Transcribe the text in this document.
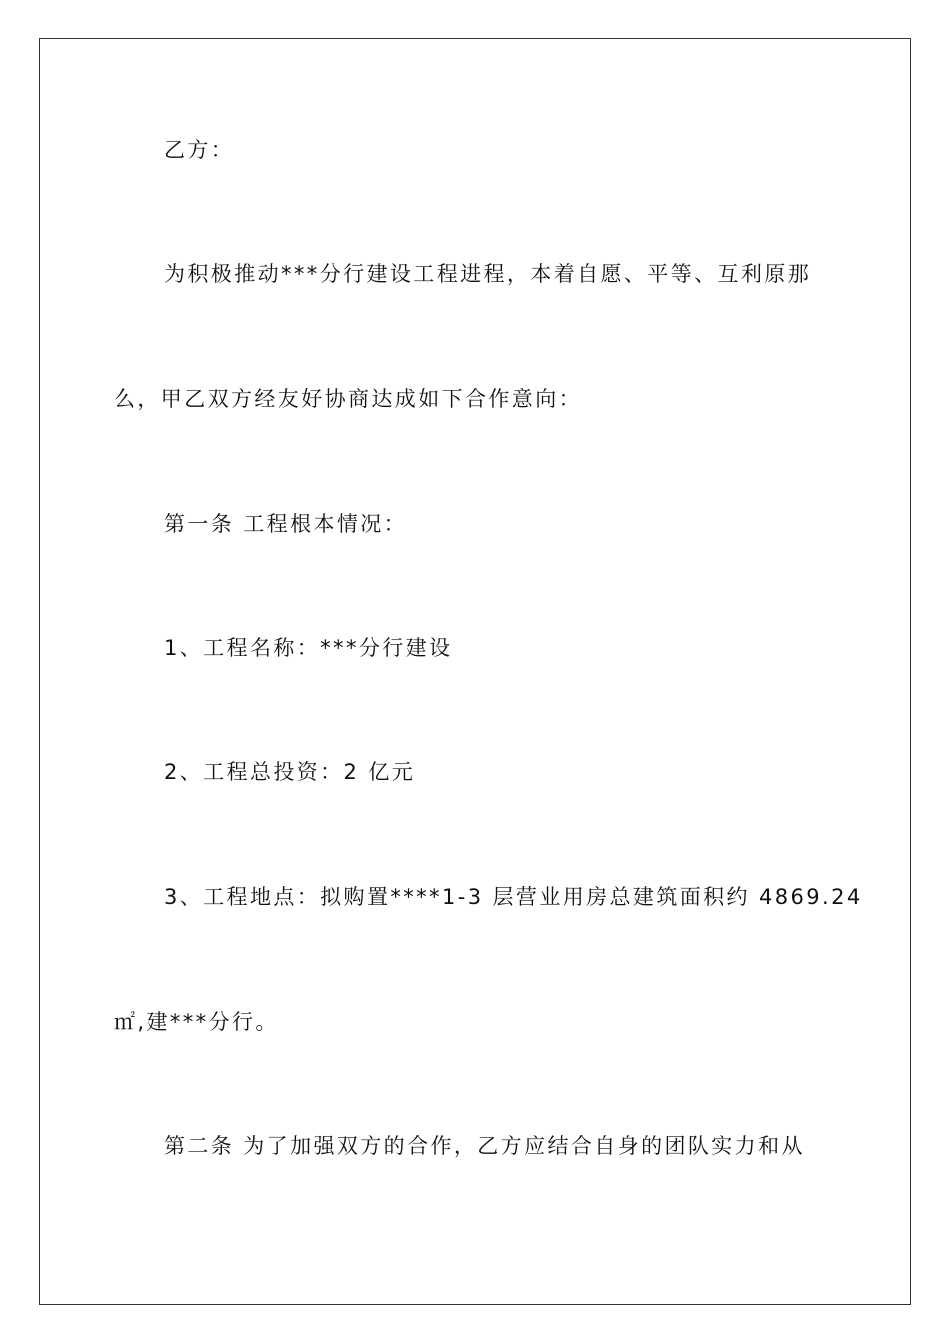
乙方：
为积极推动***分行建设工程进程，本着自愿、平等、互利原那
么，甲乙双方经友好协商达成如下合作意向：
第一条 工程根本情况：
1、工程名称：***分行建设
2、工程总投资：2 亿元
3、工程地点：拟购置****1-3 层营业用房总建筑面积约 4869.24
㎡,建***分行。
第二条 为了加强双方的合作，乙方应结合自身的团队实力和从
